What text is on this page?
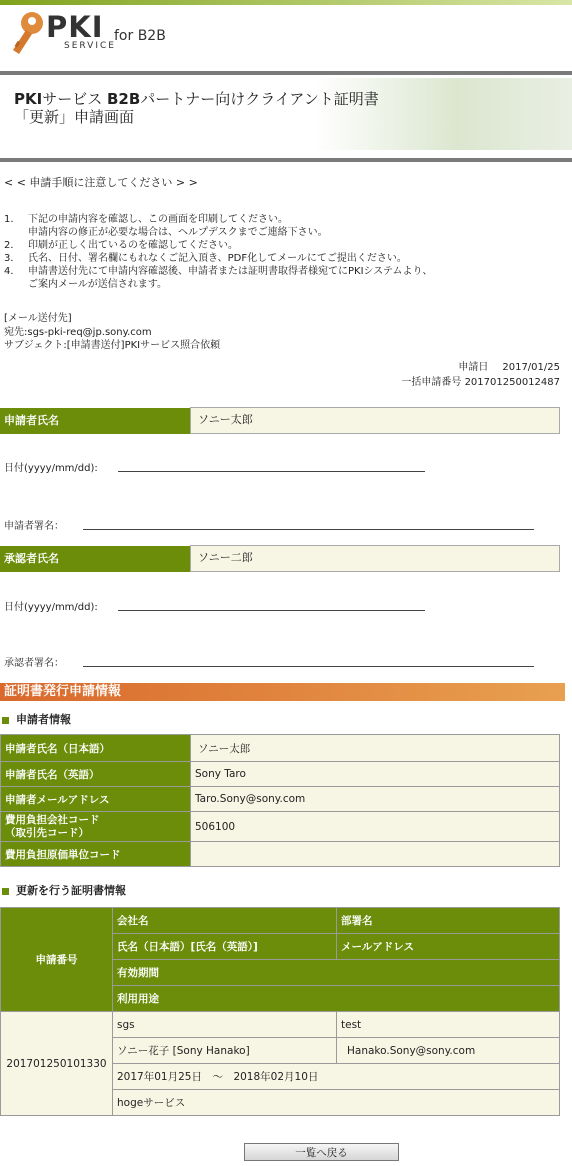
PKI
SERVICE
for B2B
PKIサービス B2Bパートナー向けクライアント証明書
「更新」申請画面
< < 申請手順に注意してください > >
1． 下記の申請内容を確認し、この画面を印刷してください。
申請内容の修正が必要な場合は、ヘルプデスクまでご連絡下さい。
2． 印刷が正しく出ているのを確認してください。
3． 氏名、日付、署名欄にもれなくご記入頂き、PDF化してメールにてご提出ください。
4． 申請書送付先にて申請内容確認後、申請者または証明書取得者様宛てにPKIシステムより、
ご案内メールが送信されます。
[メール送付先]
宛先:sgs-pki-req@jp.sony.com
サブジェクト:[申請書送付]PKIサービス照合依頼
申請日 2017/01/25
一括申請番号 201701250012487
申請者氏名	ソニー太郎
日付(yyyy/mm/dd):
申請者署名：
承認者氏名	ソニー二郎
日付(yyyy/mm/dd):
承認者署名：
証明書発行申請情報
申請者情報
申請者氏名（日本語）	ソニー太郎
申請者氏名（英語）	Sony Taro
申請者メールアドレス	Taro.Sony@sony.com
費用負担会社コード
（取引先コード）	506100
費用負担原価単位コード	
更新を行う証明書情報
申請番号	会社名	部署名
	氏名（日本語）[氏名（英語）]	メールアドレス
	有効期間	
	利用用途	
201701250101330	sgs	test
	ソニー花子 [Sony Hanako]	Hanako.Sony@sony.com
	2017年01月25日　～　2018年02月10日	
	hogeサービス	
一覧へ戻る
